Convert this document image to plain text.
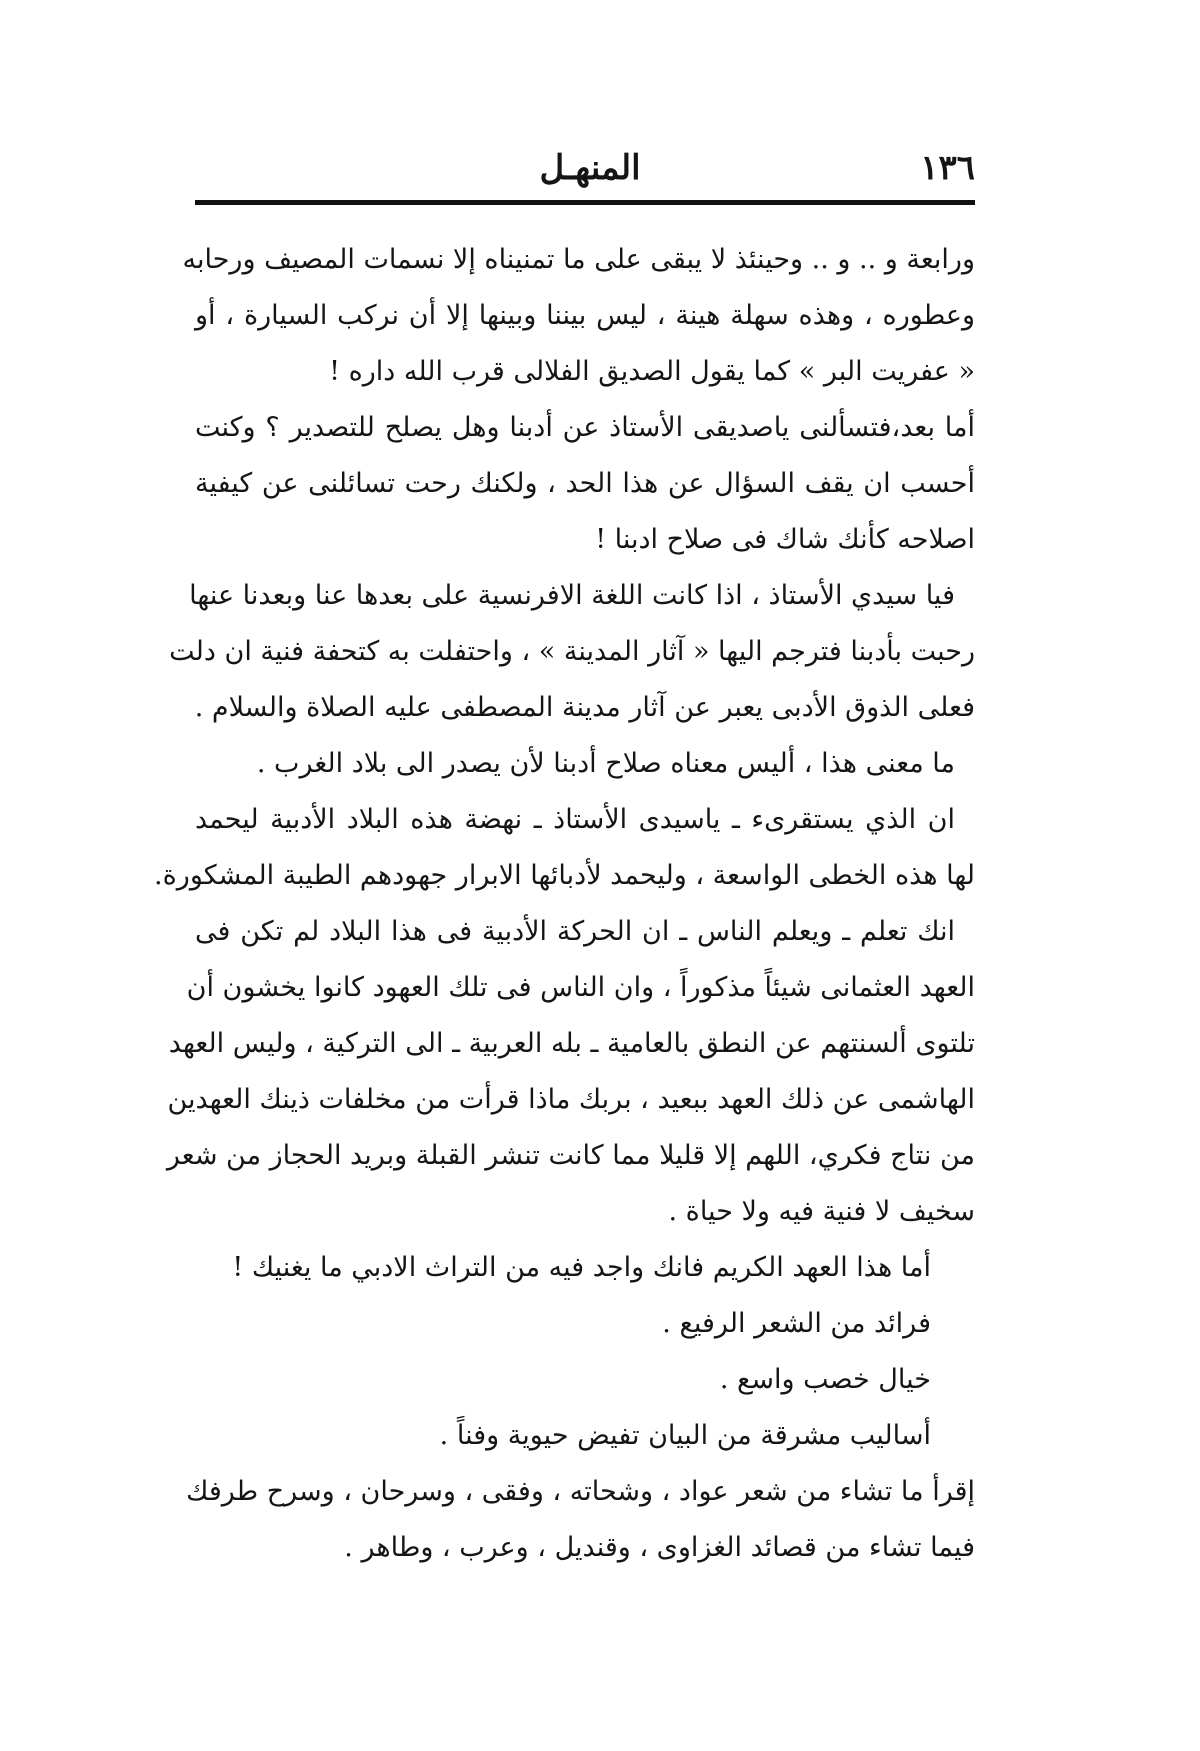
١٣٦
المنهـل
ورابعة و .. و .. وحينئذ لا يبقى على ما تمنيناه إلا نسمات المصيف ورحابه
وعطوره ، وهذه سهلة هينة ، ليس بيننا وبينها إلا أن نركب السيارة ، أو
« عفريت البر » كما يقول الصديق الفلالى قرب الله داره !
أما بعد،فتسألنى ياصديقى الأستاذ عن أدبنا وهل يصلح للتصدير ؟ وكنت
أحسب ان يقف السؤال عن هذا الحد ، ولكنك رحت تسائلنى عن كيفية
اصلاحه كأنك شاك فى صلاح ادبنا !
فيا سيدي الأستاذ ، اذا كانت اللغة الافرنسية على بعدها عنا وبعدنا عنها
رحبت بأدبنا فترجم اليها « آثار المدينة » ، واحتفلت به كتحفة فنية ان دلت
فعلى الذوق الأدبى يعبر عن آثار مدينة المصطفى عليه الصلاة والسلام .
ما معنى هذا ، أليس معناه صلاح أدبنا لأن يصدر الى بلاد الغرب .
ان الذي يستقرىء ـ ياسيدى الأستاذ ـ نهضة هذه البلاد الأدبية ليحمد
لها هذه الخطى الواسعة ، وليحمد لأدبائها الابرار جهودهم الطيبة المشكورة.
انك تعلم ـ ويعلم الناس ـ ان الحركة الأدبية فى هذا البلاد لم تكن فى
العهد العثمانى شيئاً مذكوراً ، وان الناس فى تلك العهود كانوا يخشون أن
تلتوى ألسنتهم عن النطق بالعامية ـ بله العربية ـ الى التركية ، وليس العهد
الهاشمى عن ذلك العهد ببعيد ، بربك ماذا قرأت من مخلفات ذينك العهدين
من نتاج فكري، اللهم إلا قليلا مما كانت تنشر القبلة وبريد الحجاز من شعر
سخيف لا فنية فيه ولا حياة .
أما هذا العهد الكريم فانك واجد فيه من التراث الادبي ما يغنيك !
فرائد من الشعر الرفيع .
خيال خصب واسع .
أساليب مشرقة من البيان تفيض حيوية وفناً .
إقرأ ما تشاء من شعر عواد ، وشحاته ، وفقى ، وسرحان ، وسرح طرفك
فيما تشاء من قصائد الغزاوى ، وقنديل ، وعرب ، وطاهر .
